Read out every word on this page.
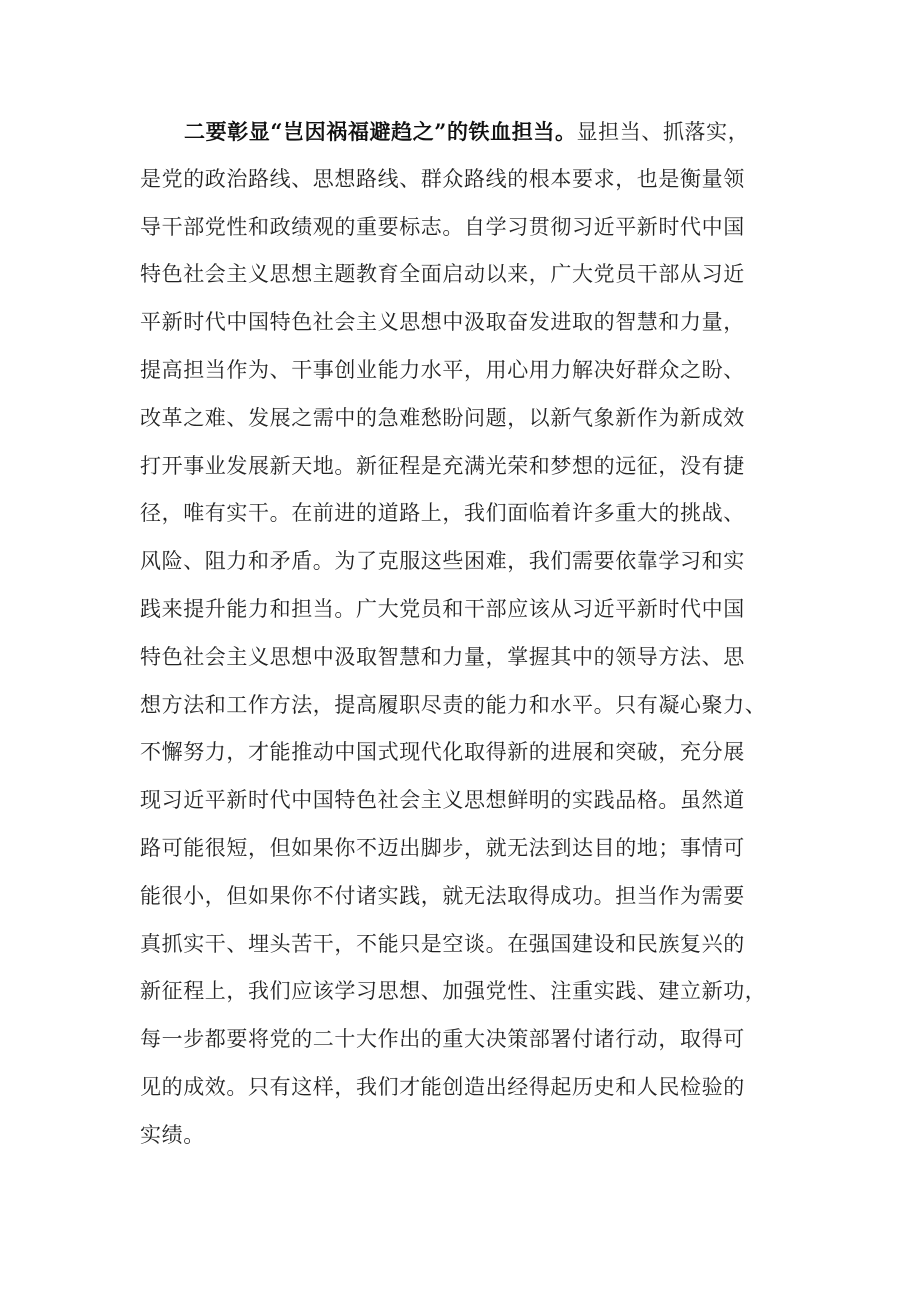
二要彰显“岂因祸福避趋之”的铁血担当。显担当、抓落实，
是党的政治路线、思想路线、群众路线的根本要求，也是衡量领
导干部党性和政绩观的重要标志。自学习贯彻习近平新时代中国
特色社会主义思想主题教育全面启动以来，广大党员干部从习近
平新时代中国特色社会主义思想中汲取奋发进取的智慧和力量，
提高担当作为、干事创业能力水平，用心用力解决好群众之盼、
改革之难、发展之需中的急难愁盼问题，以新气象新作为新成效
打开事业发展新天地。新征程是充满光荣和梦想的远征，没有捷
径，唯有实干。在前进的道路上，我们面临着许多重大的挑战、
风险、阻力和矛盾。为了克服这些困难，我们需要依靠学习和实
践来提升能力和担当。广大党员和干部应该从习近平新时代中国
特色社会主义思想中汲取智慧和力量，掌握其中的领导方法、思
想方法和工作方法，提高履职尽责的能力和水平。只有凝心聚力、
不懈努力，才能推动中国式现代化取得新的进展和突破，充分展
现习近平新时代中国特色社会主义思想鲜明的实践品格。虽然道
路可能很短，但如果你不迈出脚步，就无法到达目的地；事情可
能很小，但如果你不付诸实践，就无法取得成功。担当作为需要
真抓实干、埋头苦干，不能只是空谈。在强国建设和民族复兴的
新征程上，我们应该学习思想、加强党性、注重实践、建立新功，
每一步都要将党的二十大作出的重大决策部署付诸行动，取得可
见的成效。只有这样，我们才能创造出经得起历史和人民检验的
实绩。
